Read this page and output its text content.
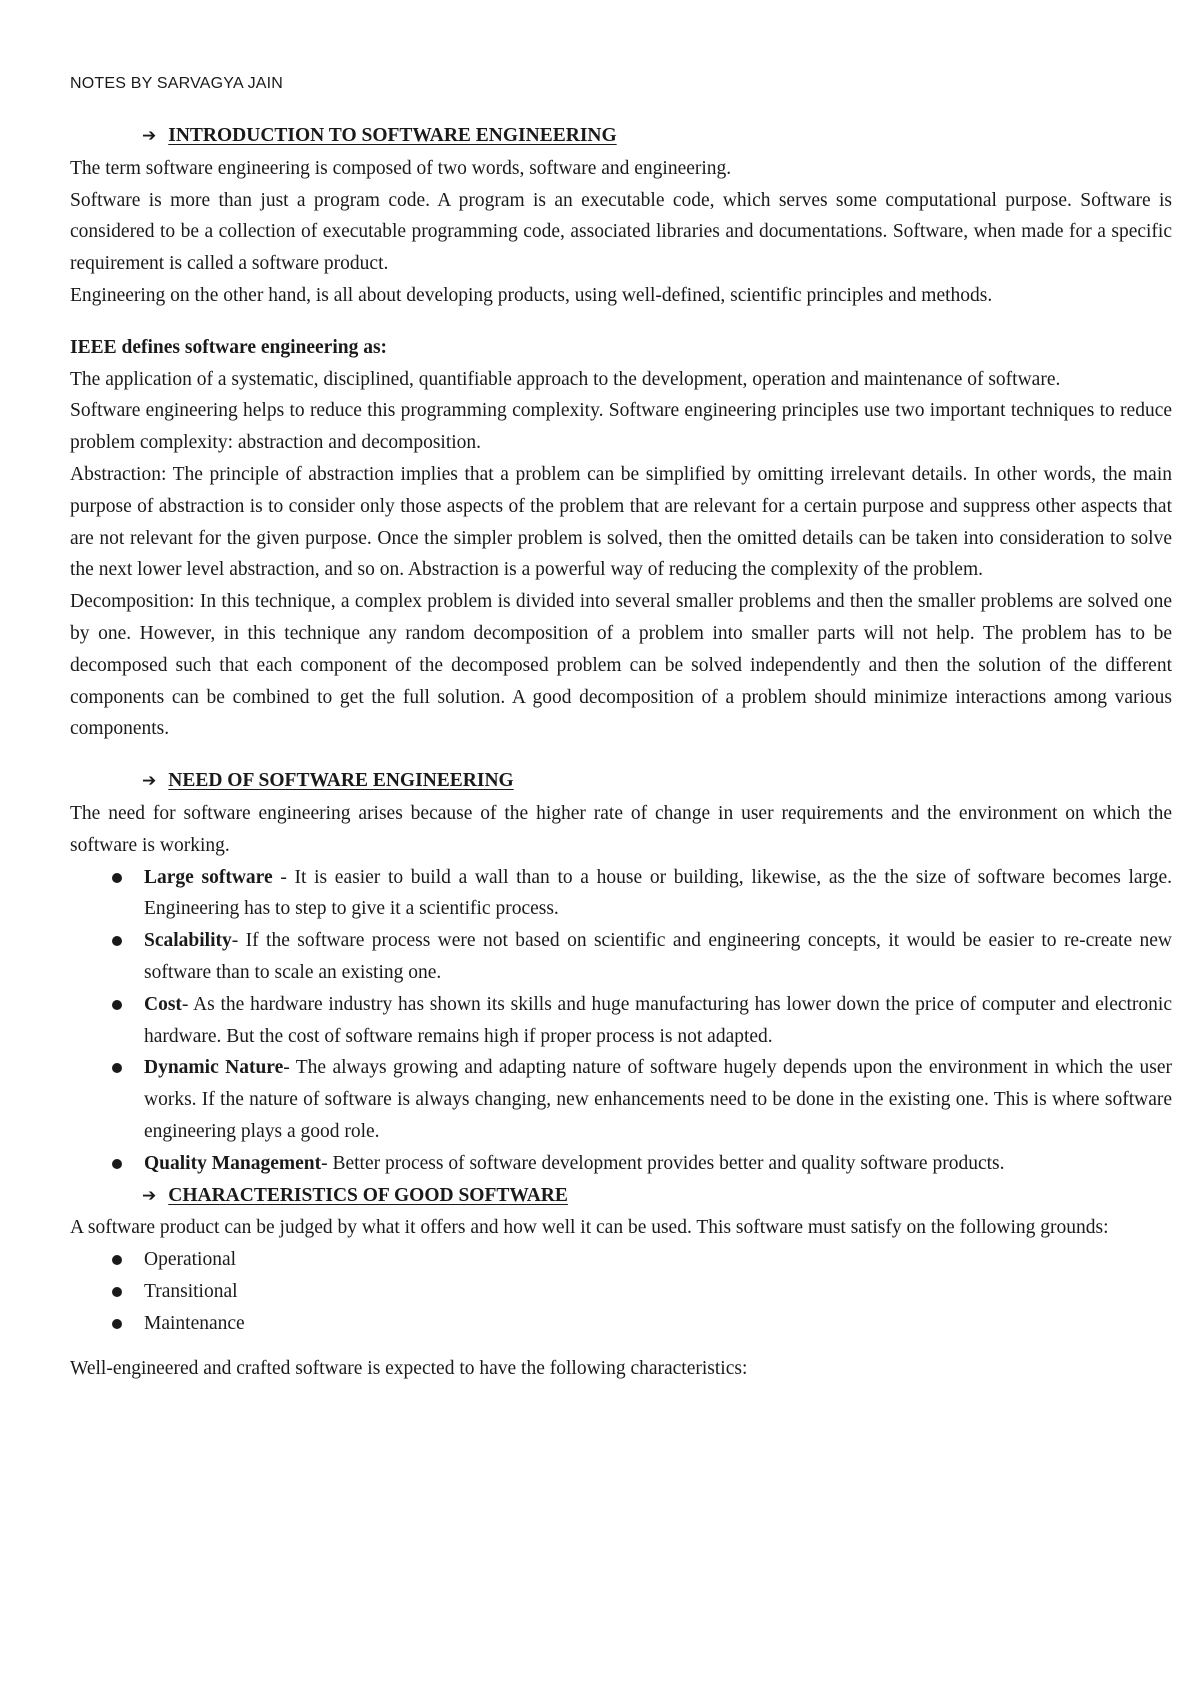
NOTES BY SARVAGYA JAIN
➔ INTRODUCTION TO SOFTWARE ENGINEERING

The term software engineering is composed of two words, software and engineering.

Software is more than just a program code. A program is an executable code, which serves some computational purpose. Software is considered to be a collection of executable programming code, associated libraries and documentations. Software, when made for a specific requirement is called a software product.

Engineering on the other hand, is all about developing products, using well-defined, scientific principles and methods.

IEEE defines software engineering as:

The application of a systematic, disciplined, quantifiable approach to the development, operation and maintenance of software.

Software engineering helps to reduce this programming complexity. Software engineering principles use two important techniques to reduce problem complexity: abstraction and decomposition.

Abstraction: The principle of abstraction implies that a problem can be simplified by omitting irrelevant details. In other words, the main purpose of abstraction is to consider only those aspects of the problem that are relevant for a certain purpose and suppress other aspects that are not relevant for the given purpose. Once the simpler problem is solved, then the omitted details can be taken into consideration to solve the next lower level abstraction, and so on. Abstraction is a powerful way of reducing the complexity of the problem.

Decomposition: In this technique, a complex problem is divided into several smaller problems and then the smaller problems are solved one by one. However, in this technique any random decomposition of a problem into smaller parts will not help. The problem has to be decomposed such that each component of the decomposed problem can be solved independently and then the solution of the different components can be combined to get the full solution. A good decomposition of a problem should minimize interactions among various components.

➔ NEED OF SOFTWARE ENGINEERING

The need for software engineering arises because of the higher rate of change in user requirements and the environment on which the software is working.

Large software - It is easier to build a wall than to a house or building, likewise, as the the size of software becomes large. Engineering has to step to give it a scientific process.
Scalability- If the software process were not based on scientific and engineering concepts, it would be easier to re-create new software than to scale an existing one.
Cost- As the hardware industry has shown its skills and huge manufacturing has lower down the price of computer and electronic hardware. But the cost of software remains high if proper process is not adapted.
Dynamic Nature- The always growing and adapting nature of software hugely depends upon the environment in which the user works. If the nature of software is always changing, new enhancements need to be done in the existing one. This is where software engineering plays a good role.
Quality Management- Better process of software development provides better and quality software products.
➔ CHARACTERISTICS OF GOOD SOFTWARE

A software product can be judged by what it offers and how well it can be used. This software must satisfy on the following grounds:

Operational
Transitional
Maintenance

Well-engineered and crafted software is expected to have the following characteristics:
